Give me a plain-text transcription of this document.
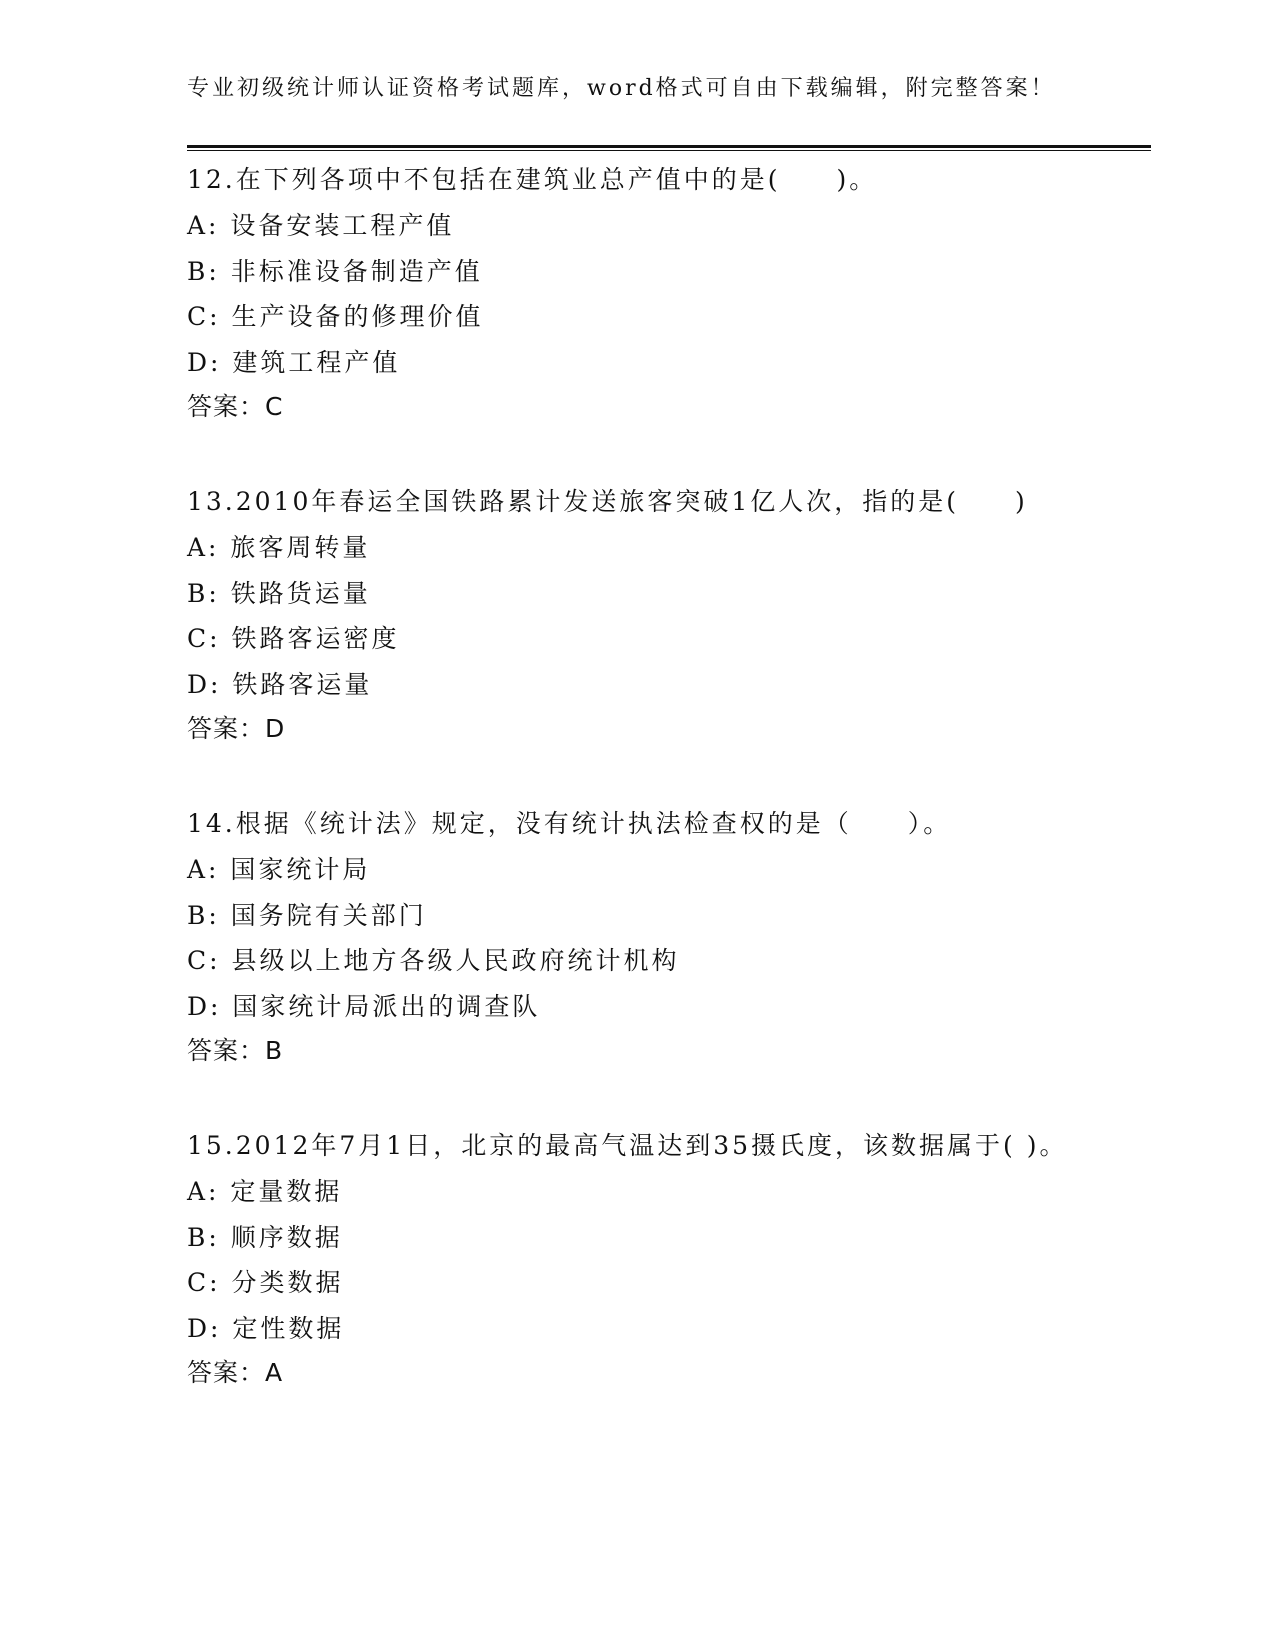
专业初级统计师认证资格考试题库，word格式可自由下载编辑，附完整答案！
12.在下列各项中不包括在建筑业总产值中的是(　　)。
A: 设备安装工程产值
B: 非标准设备制造产值
C: 生产设备的修理价值
D: 建筑工程产值
答案：C
13.2010年春运全国铁路累计发送旅客突破1亿人次，指的是(　　)
A: 旅客周转量
B: 铁路货运量
C: 铁路客运密度
D: 铁路客运量
答案：D
14.根据《统计法》规定，没有统计执法检查权的是（　　）。
A: 国家统计局
B: 国务院有关部门
C: 县级以上地方各级人民政府统计机构
D: 国家统计局派出的调查队
答案：B
15.2012年7月1日，北京的最高气温达到35摄氏度，该数据属于( )。
A: 定量数据
B: 顺序数据
C: 分类数据
D: 定性数据
答案：A
